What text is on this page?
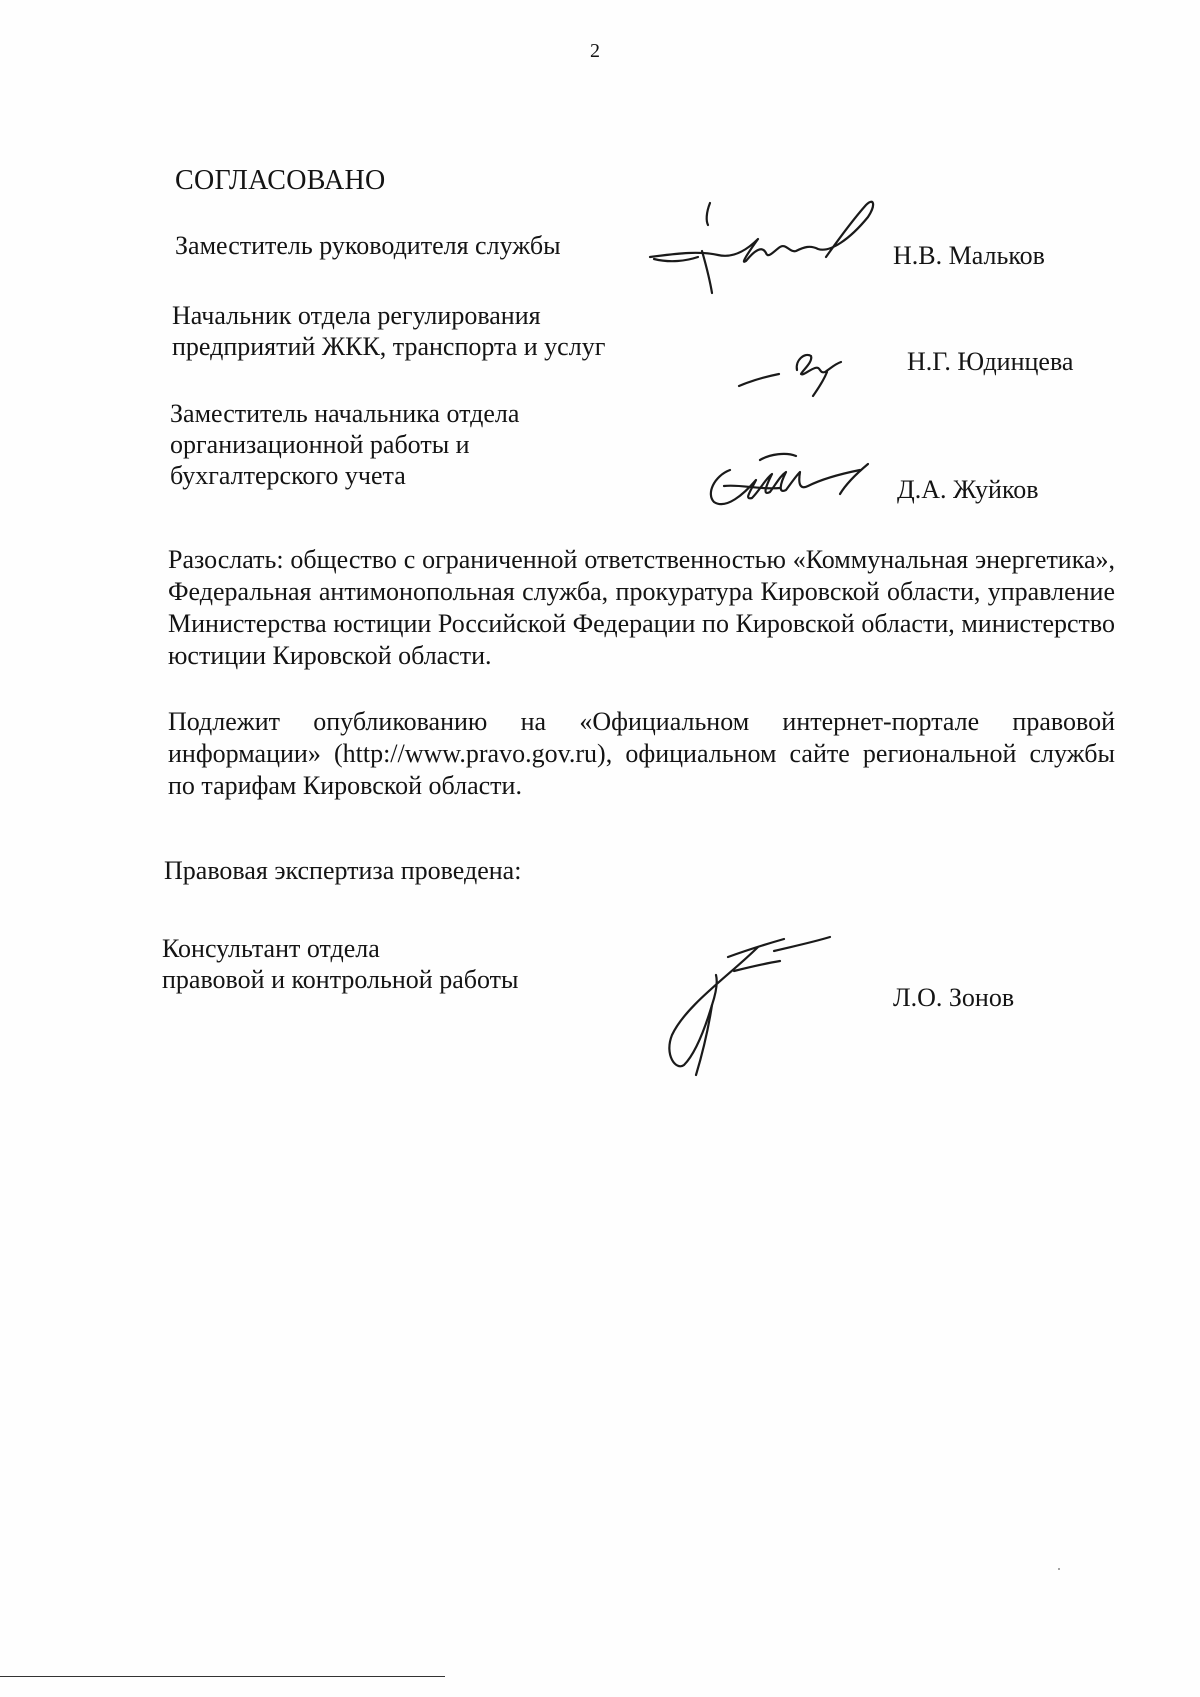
2
СОГЛАСОВАНО
Заместитель руководителя службы	Н.В. Мальков
Начальник отдела регулирования
предприятий ЖКК, транспорта и услуг
Н.Г. Юдинцева
Заместитель начальника отдела
организационной работы и
бухгалтерского учета	Д.А. Жуйков
Разослать: общество с ограниченной ответственностью «Коммунальная энергетика», Федеральная антимонопольная служба, прокуратура Кировской области, управление Министерства юстиции Российской Федерации по Кировской области, министерство юстиции Кировской области.
Подлежит опубликованию на «Официальном интернет-портале правовой информации» (http://www.pravo.gov.ru), официальном сайте региональной службы по тарифам Кировской области.
Правовая экспертиза проведена:
Консультант отдела
правовой и контрольной работы
Л.О. Зонов
